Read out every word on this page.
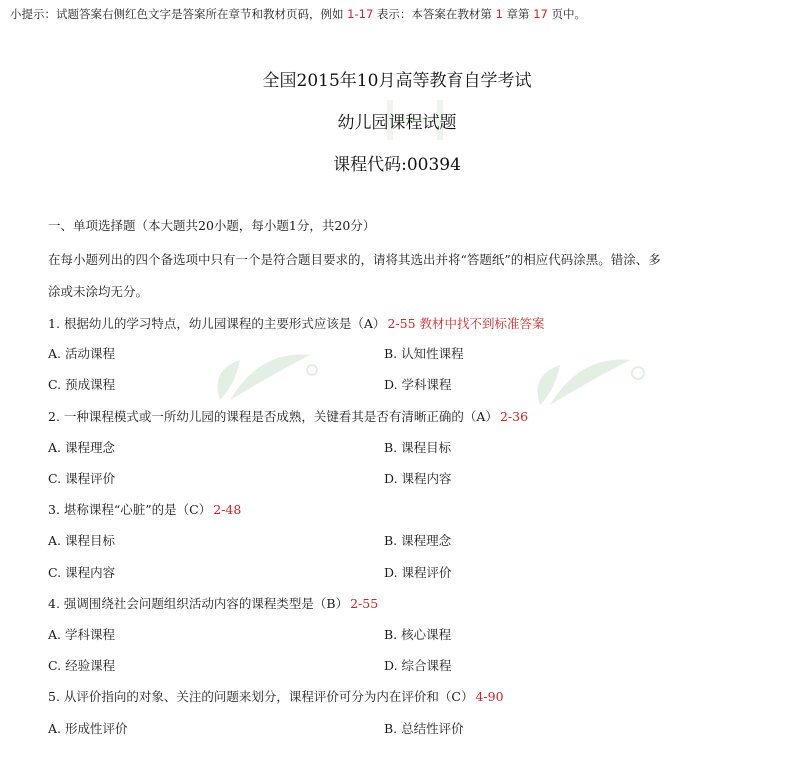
小提示：试题答案右侧红色文字是答案所在章节和教材页码，例如 1-17 表示：本答案在教材第 1 章第 17 页中。
全国2015年10月高等教育自学考试
幼儿园课程试题
课程代码:00394
一、单项选择题（本大题共20小题，每小题1分，共20分）
在每小题列出的四个备选项中只有一个是符合题目要求的，请将其选出并将“答题纸”的相应代码涂黑。错涂、多
涂或未涂均无分。
1. 根据幼儿的学习特点，幼儿园课程的主要形式应该是（A） 2-55 教材中找不到标准答案
A. 活动课程	B. 认知性课程
C. 预成课程	D. 学科课程
2. 一种课程模式或一所幼儿园的课程是否成熟，关键看其是否有清晰正确的（A） 2-36
A. 课程理念	B. 课程目标
C. 课程评价	D. 课程内容
3. 堪称课程“心脏”的是（C） 2-48
A. 课程目标	B. 课程理念
C. 课程内容	D. 课程评价
4. 强调围绕社会问题组织活动内容的课程类型是（B） 2-55
A. 学科课程	B. 核心课程
C. 经验课程	D. 综合课程
5. 从评价指向的对象、关注的问题来划分，课程评价可分为内在评价和（C） 4-90
A. 形成性评价	B. 总结性评价
